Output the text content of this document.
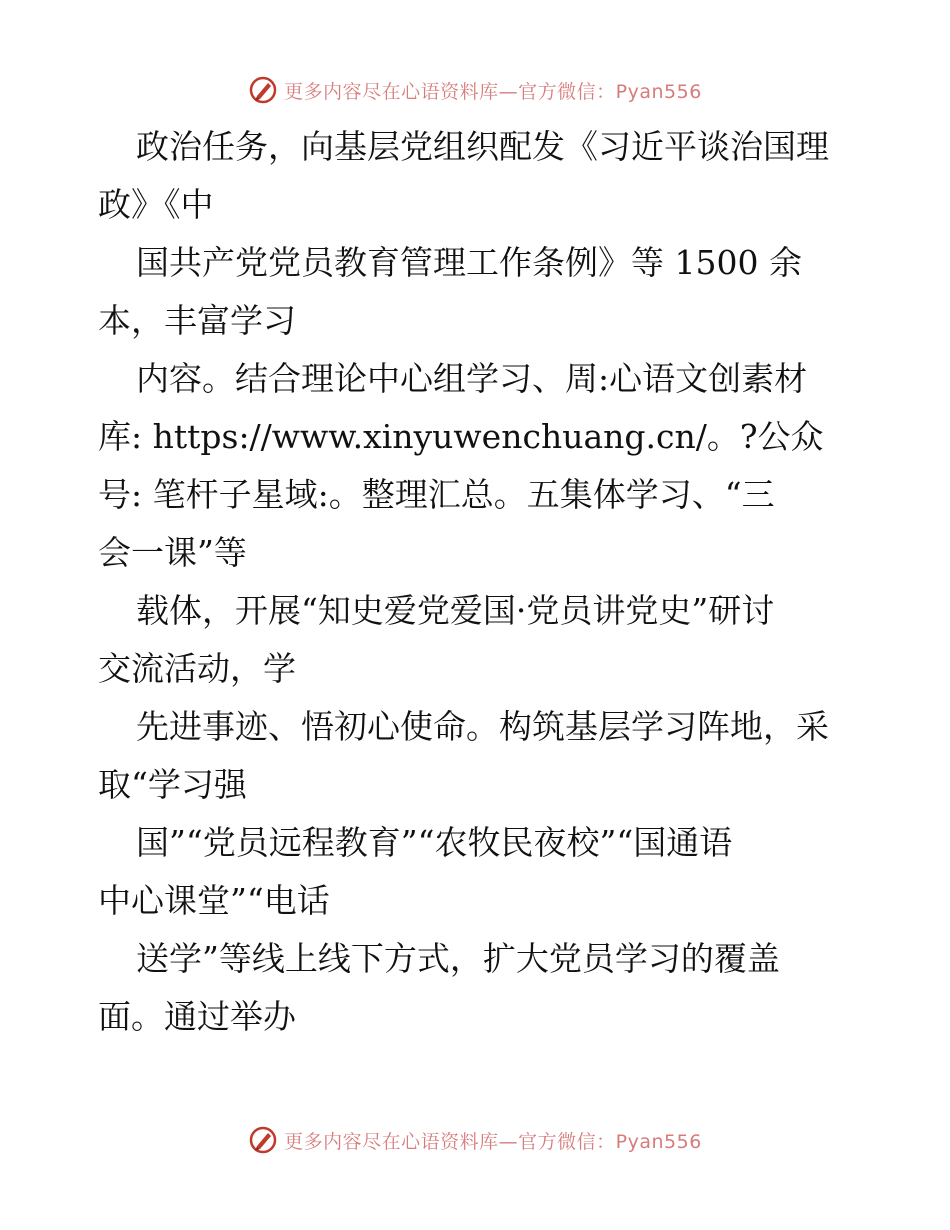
更多内容尽在心语资料库—官方微信：Pyan556
政治任务，向基层党组织配发《习近平谈治国理
政》《中
国共产党党员教育管理工作条例》等 1500 余
本，丰富学习
内容。结合理论中心组学习、周:心语文创素材
库: https://www.xinyuwenchuang.cn/。?公众
号: 笔杆子星域:。整理汇总。五集体学习、“三
会一课”等
载体，开展“知史爱党爱国·党员讲党史”研讨
交流活动，学
先进事迹、悟初心使命。构筑基层学习阵地，采
取“学习强
国”“党员远程教育”“农牧民夜校”“国通语
中心课堂”“电话
送学”等线上线下方式，扩大党员学习的覆盖
面。通过举办
更多内容尽在心语资料库—官方微信：Pyan556
